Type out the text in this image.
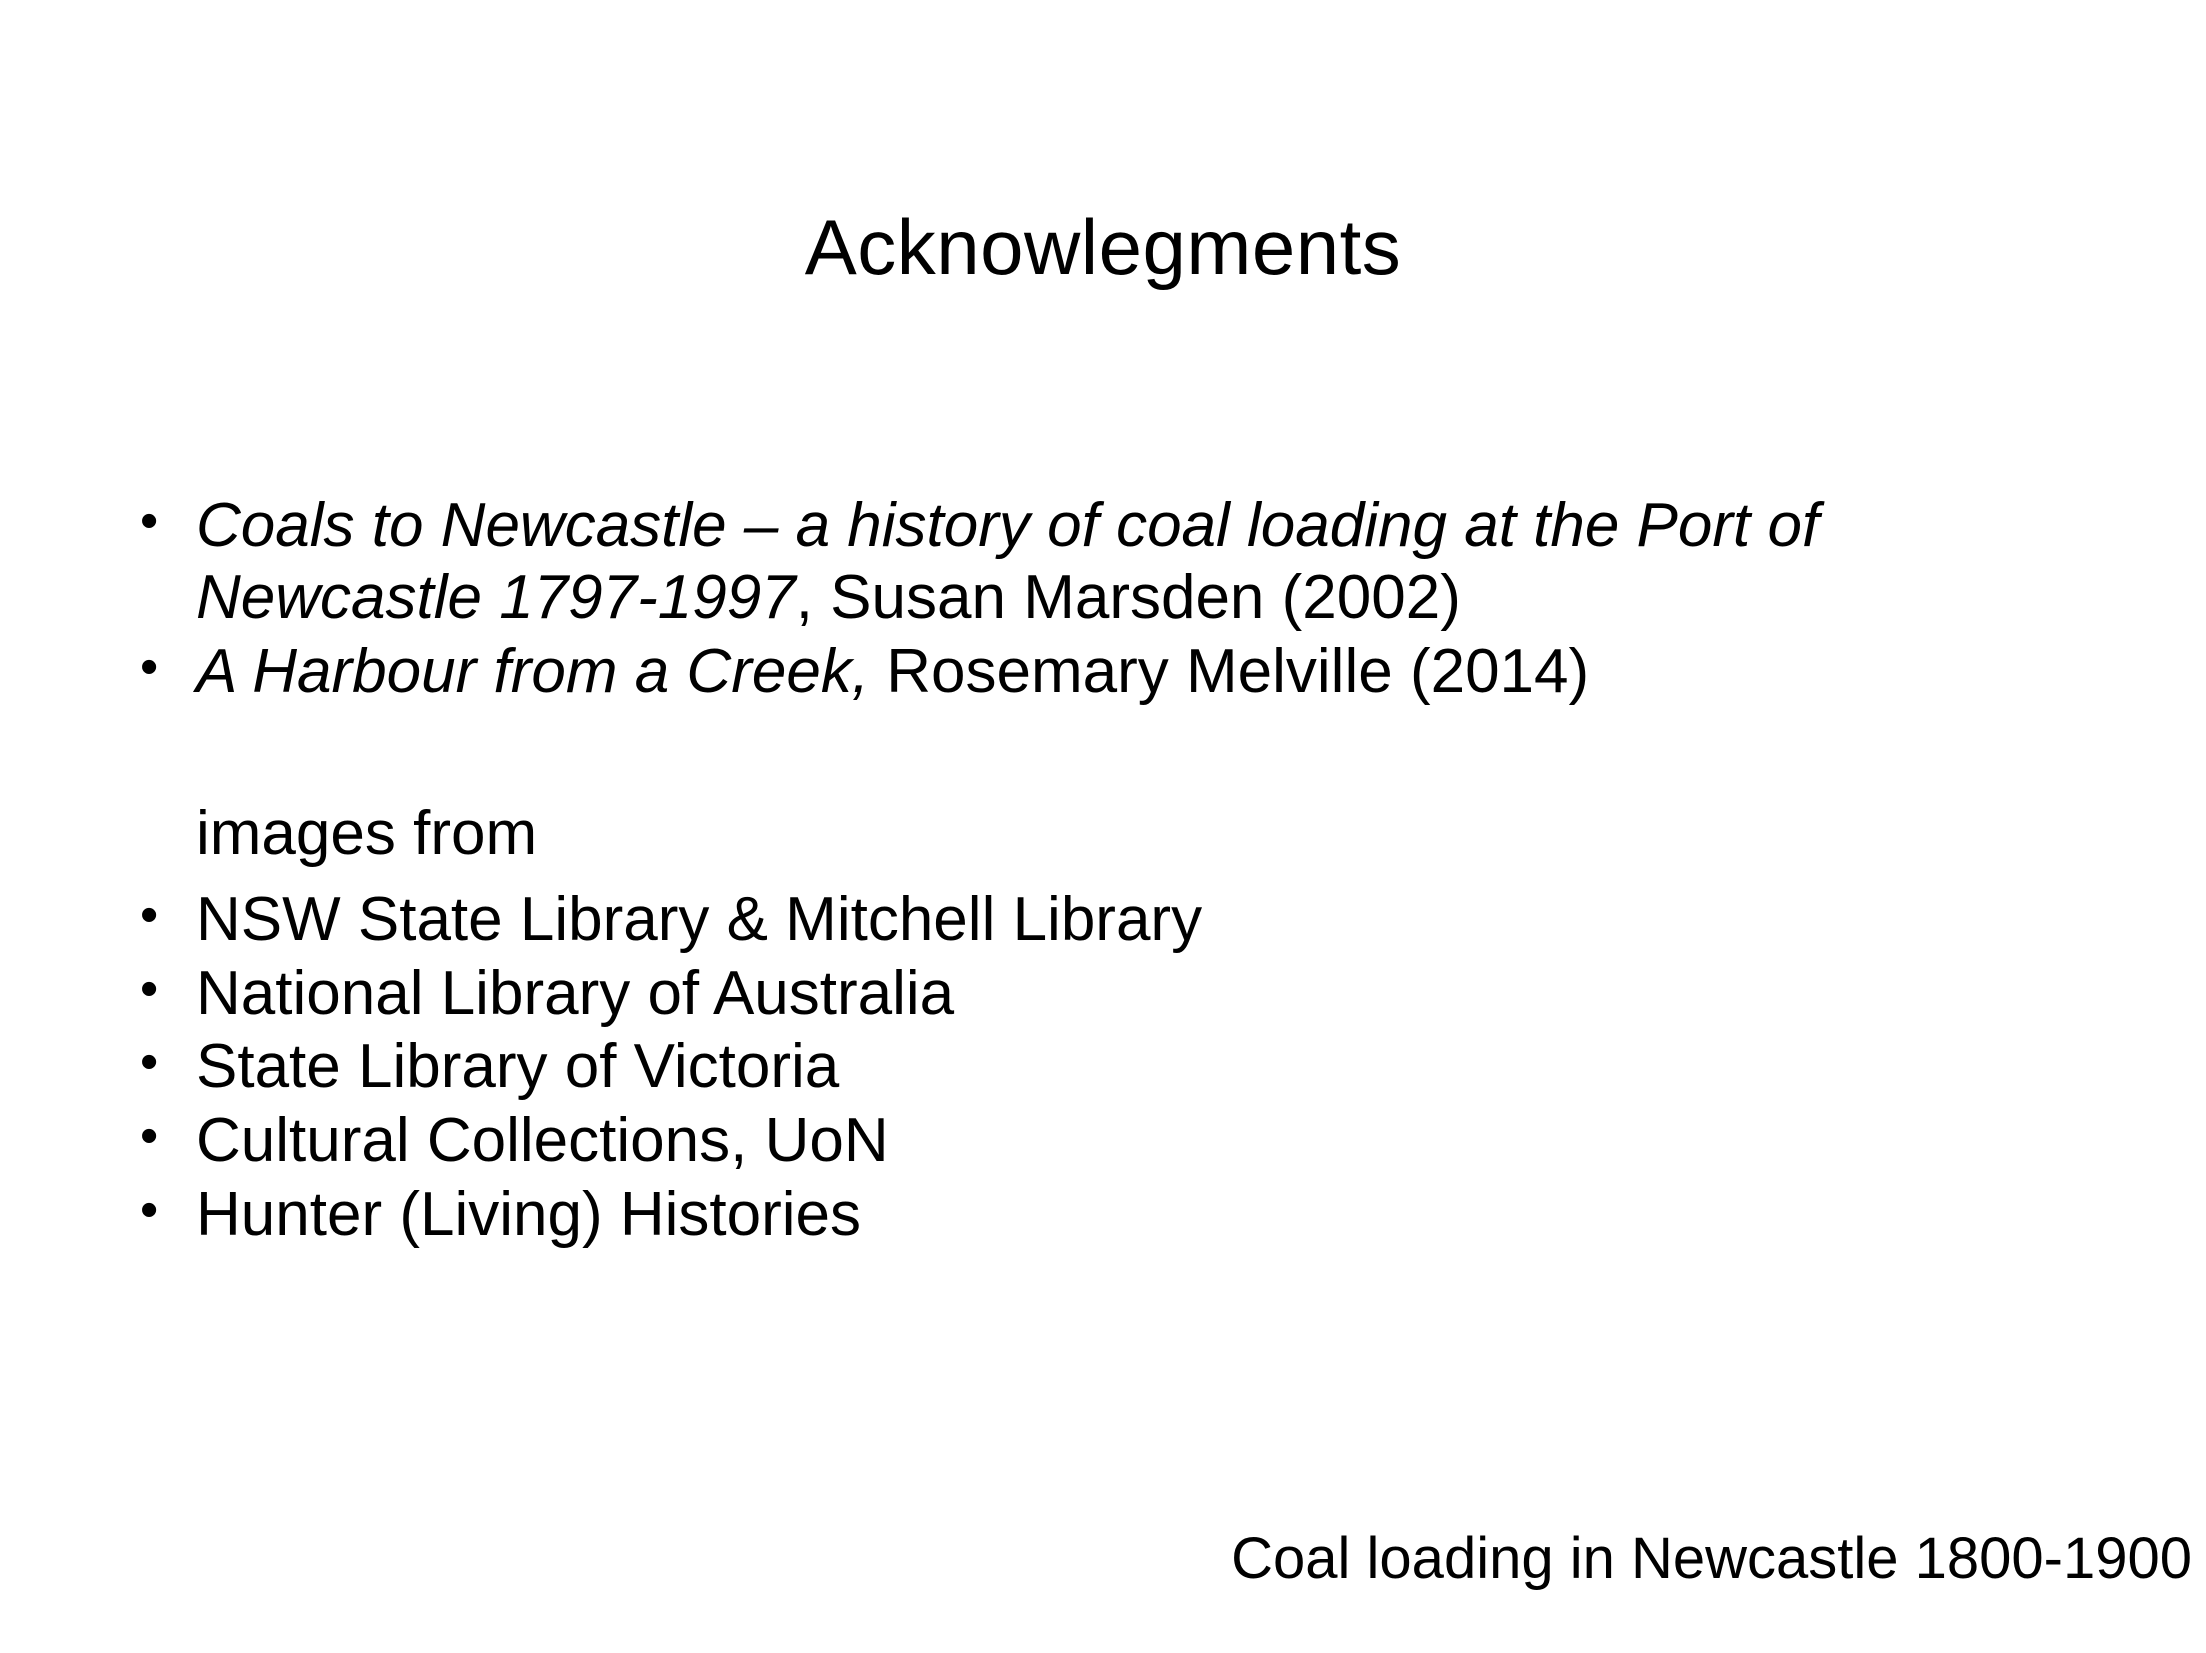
Acknowlegments
• Coals to Newcastle – a history of coal loading at the Port of Newcastle 1797-1997, Susan Marsden (2002)
• A Harbour from a Creek, Rosemary Melville (2014)
images from
• NSW State Library & Mitchell Library
• National Library of Australia
• State Library of Victoria
• Cultural Collections, UoN
• Hunter (Living) Histories
Coal loading in Newcastle 1800-1900
